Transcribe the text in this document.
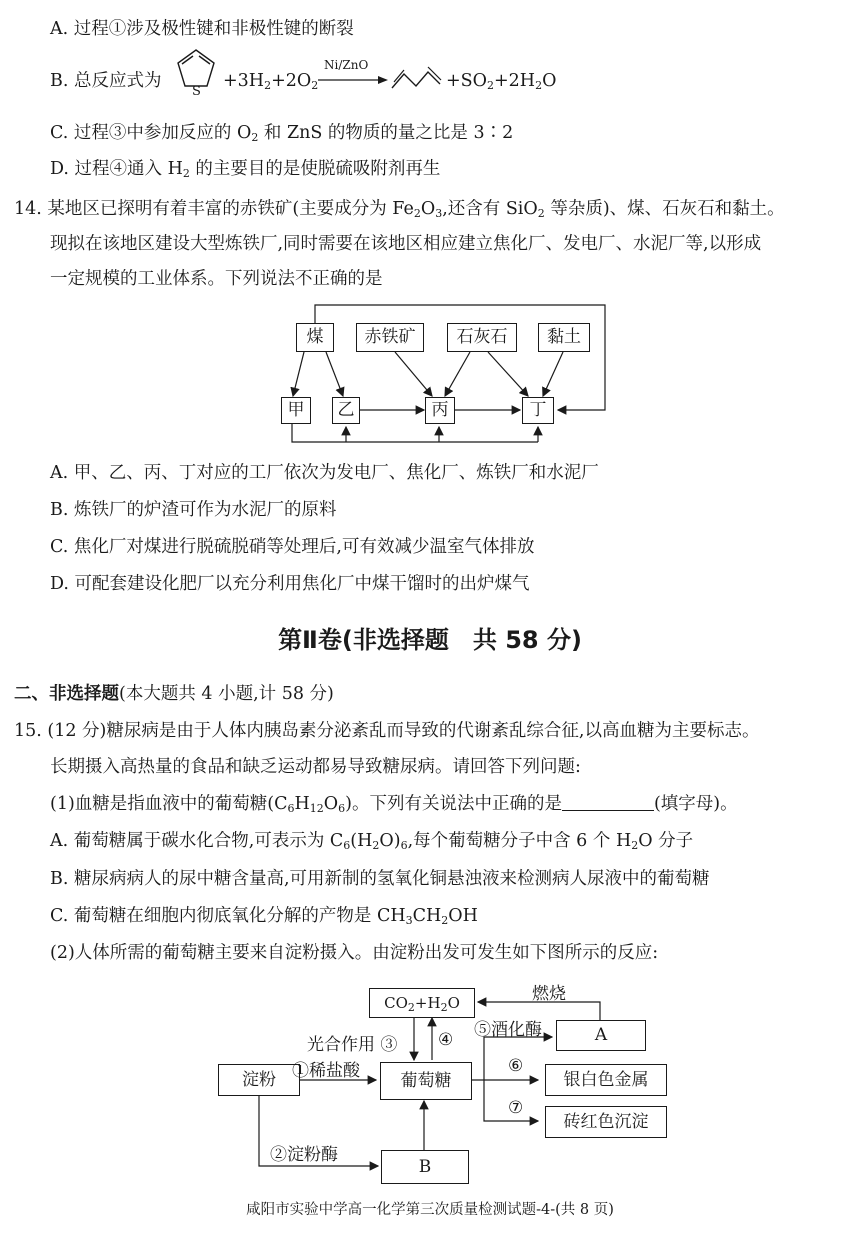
A. 过程①涉及极性键和非极性键的断裂
B. 总反应式为
S
$+3H_2+2O_2$
Ni/ZnO
$+SO_2+2H_2O$
C. 过程③中参加反应的 $O_2$ 和 ZnS 的物质的量之比是 3∶2
D. 过程④通入 $H_2$ 的主要目的是使脱硫吸附剂再生
14. 某地区已探明有着丰富的赤铁矿(主要成分为 $Fe_2O_3$,还含有 SiO$_2$ 等杂质)、煤、石灰石和黏土。
现拟在该地区建设大型炼铁厂,同时需要在该地区相应建立焦化厂、发电厂、水泥厂等,以形成
一定规模的工业体系。下列说法不正确的是
煤	赤铁矿	石灰石	黏土
甲	乙	丙	丁
A. 甲、乙、丙、丁对应的工厂依次为发电厂、焦化厂、炼铁厂和水泥厂
B. 炼铁厂的炉渣可作为水泥厂的原料
C. 焦化厂对煤进行脱硫脱硝等处理后,可有效减少温室气体排放
D. 可配套建设化肥厂以充分利用焦化厂中煤干馏时的出炉煤气
第Ⅱ卷(非选择题　共 58 分)
二、非选择题(本大题共 4 小题,计 58 分)
15. (12 分)糖尿病是由于人体内胰岛素分泌紊乱而导致的代谢紊乱综合征,以高血糖为主要标志。
长期摄入高热量的食品和缺乏运动都易导致糖尿病。请回答下列问题:
(1)血糖是指血液中的葡萄糖$(C_6H_{12}O_6)$。下列有关说法中正确的是	(填字母)。
A. 葡萄糖属于碳水化合物,可表示为 $C_6(H_2O)_6$,每个葡萄糖分子中含 6 个 $H_2O$ 分子
B. 糖尿病病人的尿中糖含量高,可用新制的氢氧化铜悬浊液来检测病人尿液中的葡萄糖
C. 葡萄糖在细胞内彻底氧化分解的产物是 $CH_3CH_2OH$
(2)人体所需的葡萄糖主要来自淀粉摄入。由淀粉出发可发生如下图所示的反应:
$CO_2+H_2O$	燃烧
光合作用 ③ ④ ⑤酒化酶	A
淀粉 ①稀盐酸	葡萄糖
⑥
银白色金属
⑦
砖红色沉淀
②淀粉酶
B
咸阳市实验中学高一化学第三次质量检测试题-4-(共 8 页)
